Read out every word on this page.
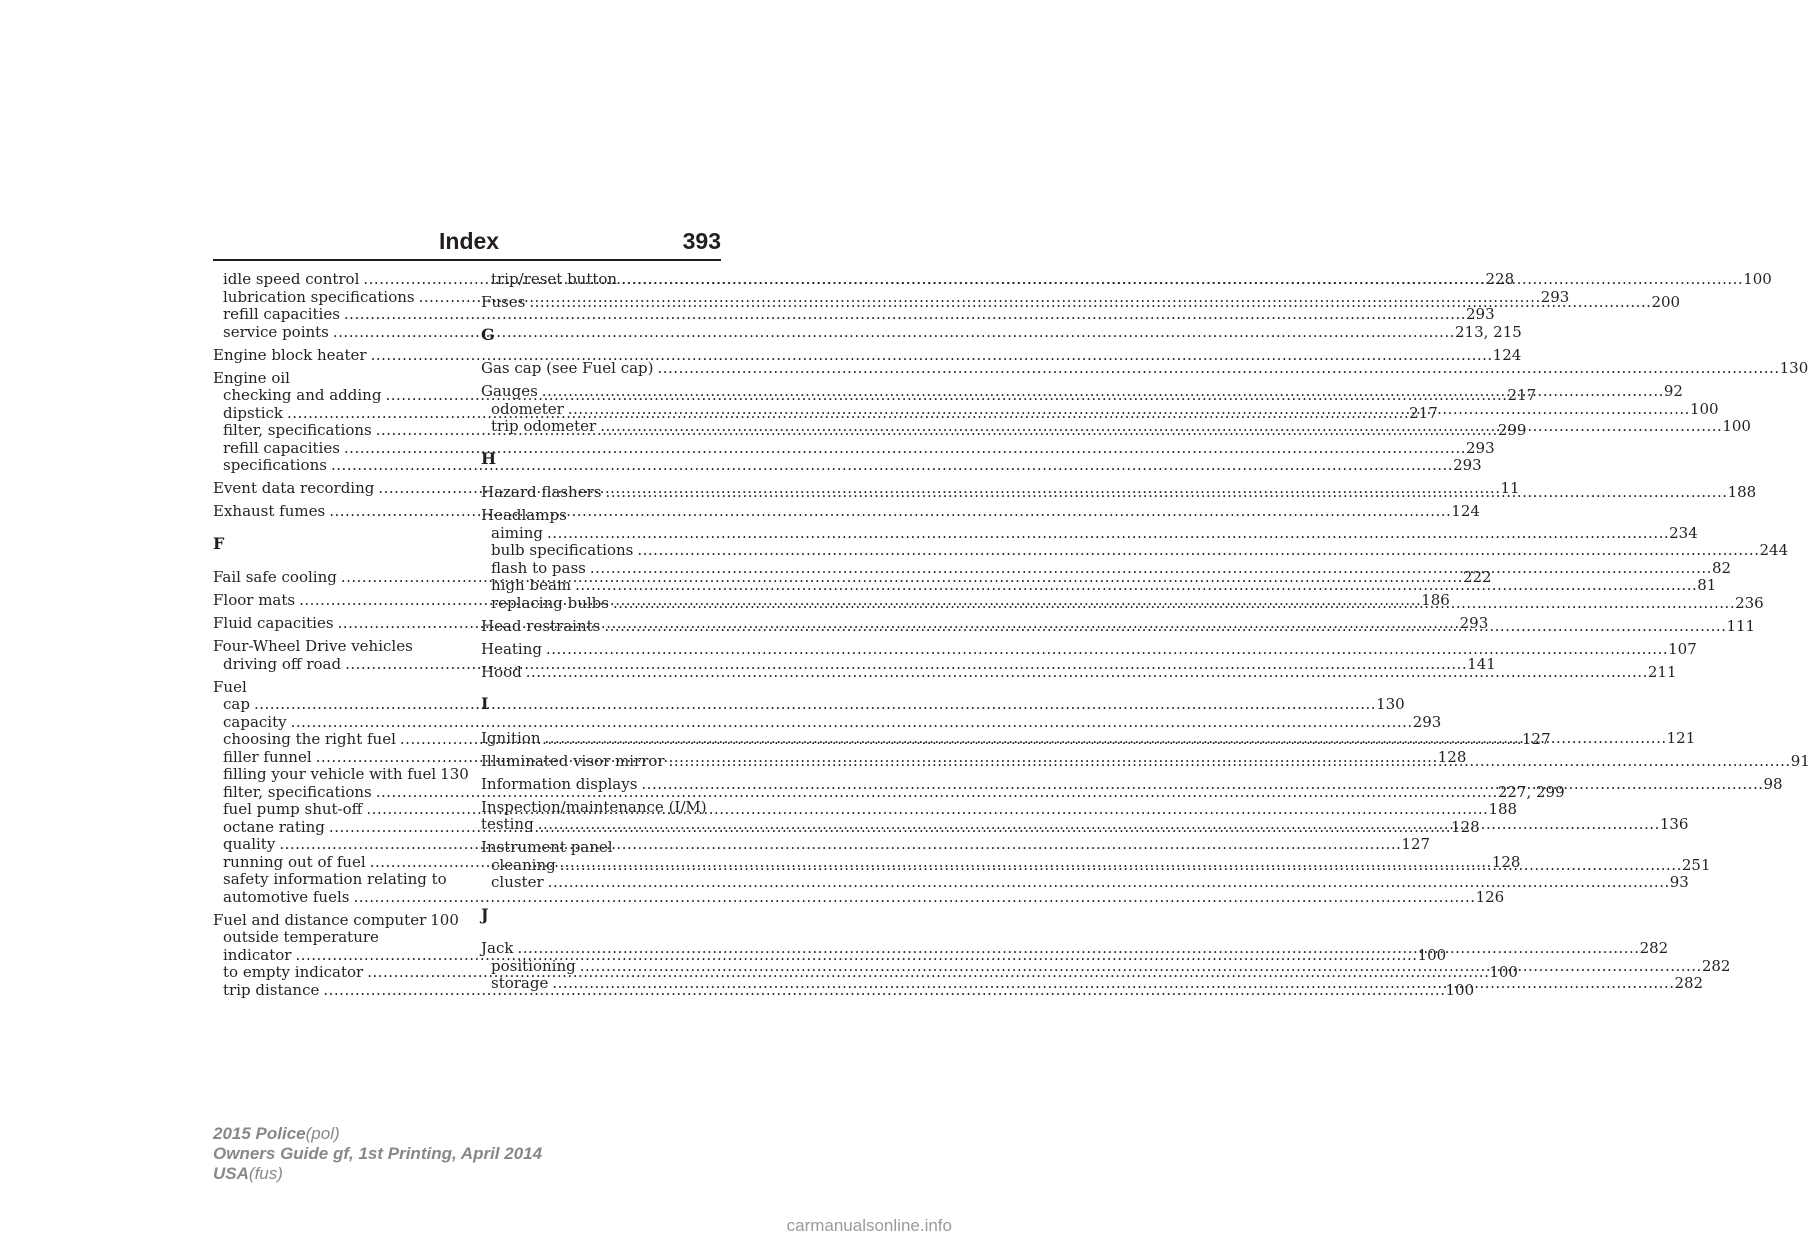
Index	393
idle speed control .....	228
lubrication specifications .....	293
refill capacities .....	293
service points .....	213, 215
Engine block heater .....	124
Engine oil
checking and adding .....	217
dipstick .....	217
filter, specifications .....	299
refill capacities .....	293
specifications .....	293
Event data recording .....	11
Exhaust fumes .....	124
F
Fail safe cooling .....	222
Floor mats .....	186
Fluid capacities .....	293
Four-Wheel Drive vehicles
driving off road .....	141
Fuel
cap .....	130
capacity .....	293
choosing the right fuel .....	127
filler funnel .....	128
filling your vehicle with fuel 130
filter, specifications .....	227, 299
fuel pump shut-off .....	188
octane rating .....	128
quality .....	127
running out of fuel .....	128
safety information relating to
automotive fuels .....	126
Fuel and distance computer 100
outside temperature
indicator .....	100
to empty indicator .....	100
trip distance .....	100
trip/reset button .....	100
Fuses .....	200
G
Gas cap (see Fuel cap) .....	130
Gauges .....	92
odometer .....	100
trip odometer .....	100
H
Hazard flashers .....	188
Headlamps
aiming .....	234
bulb specifications .....	244
flash to pass .....	82
high beam .....	81
replacing bulbs .....	236
Head restraints .....	111
Heating .....	107
Hood .....	211
I
Ignition .....	121
Illuminated visor mirror .....	91
Information displays .....	98
Inspection/maintenance (I/M)
testing .....	136
Instrument panel
cleaning .....	251
cluster .....	93
J
Jack .....	282
positioning .....	282
storage .....	282
2015 Police(pol)
Owners Guide gf, 1st Printing, April 2014
USA(fus)
carmanualsonline.info
